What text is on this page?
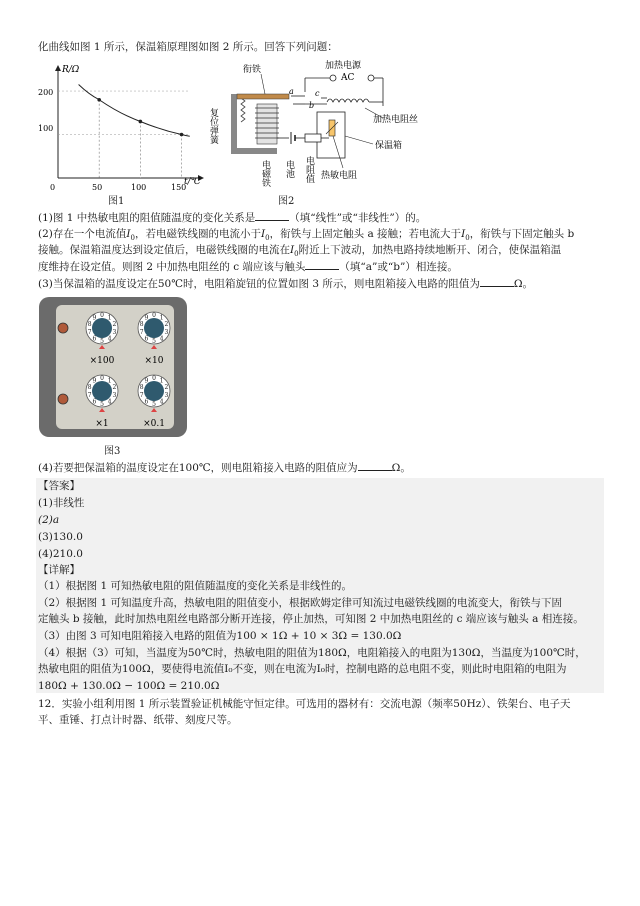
化曲线如图 1 所示，保温箱原理图如图 2 所示。回答下列问题：
R/Ω
t/℃
0
200
100
50	100	150
图1
衔铁	加热电源
AC
a
b
c
加热电阻丝
保温箱
热敏电阻
复位弹簧
电磁铁 电池 电阻值
图2
(1)图 1 中热敏电阻的阻值随温度的变化关系是	（填“线性”或“非线性”）的。
(2)存在一个电流值$I_0$，若电磁铁线圈的电流小于$I_0$，衔铁与上固定触头 a 接触；若电流大于$I_0$，衔铁与下固定触头 b
接触。保温箱温度达到设定值后，电磁铁线圈的电流在$I_0$附近上下波动，加热电路持续地断开、闭合，使保温箱温
度维持在设定值。则图 2 中加热电阻丝的 c 端应该与触头	（填“a”或“b”）相连接。
(3)当保温箱的温度设定在50℃时，电阻箱旋钮的位置如图 3 所示，则电阻箱接入电路的阻值为	Ω。
0 1
2
3
4
5
6
7
8
9	0 1
2
3
4
5
6
7
8
9
0 1
2
3
4
5
6
7
8
9	0 1
2
3
4
5
6
7
8
9
×100	×10
×1	×0.1
图3
(4)若要把保温箱的温度设定在100℃，则电阻箱接入电路的阻值应为	Ω。
【答案】
(1)非线性
(2)a
(3)130.0
(4)210.0
【详解】
（1）根据图 1 可知热敏电阻的阻值随温度的变化关系是非线性的。
（2）根据图 1 可知温度升高，热敏电阻的阻值变小，根据欧姆定律可知流过电磁铁线圈的电流变大，衔铁与下固
定触头 b 接触，此时加热电阻丝电路部分断开连接，停止加热，可知图 2 中加热电阻丝的 c 端应该与触头 a 相连接。
（3）由图 3 可知电阻箱接入电路的阻值为100 × 1Ω + 10 × 3Ω = 130.0Ω
（4）根据（3）可知，当温度为50℃时，热敏电阻的阻值为180Ω，电阻箱接入的电阻为130Ω，当温度为100℃时，
热敏电阻的阻值为100Ω，要使得电流值I₀不变，则在电流为I₀时，控制电路的总电阻不变，则此时电阻箱的电阻为
180Ω + 130.0Ω − 100Ω = 210.0Ω
12．实验小组利用图 1 所示装置验证机械能守恒定律。可选用的器材有：交流电源（频率50Hz）、铁架台、电子天
平、重锤、打点计时器、纸带、刻度尺等。
